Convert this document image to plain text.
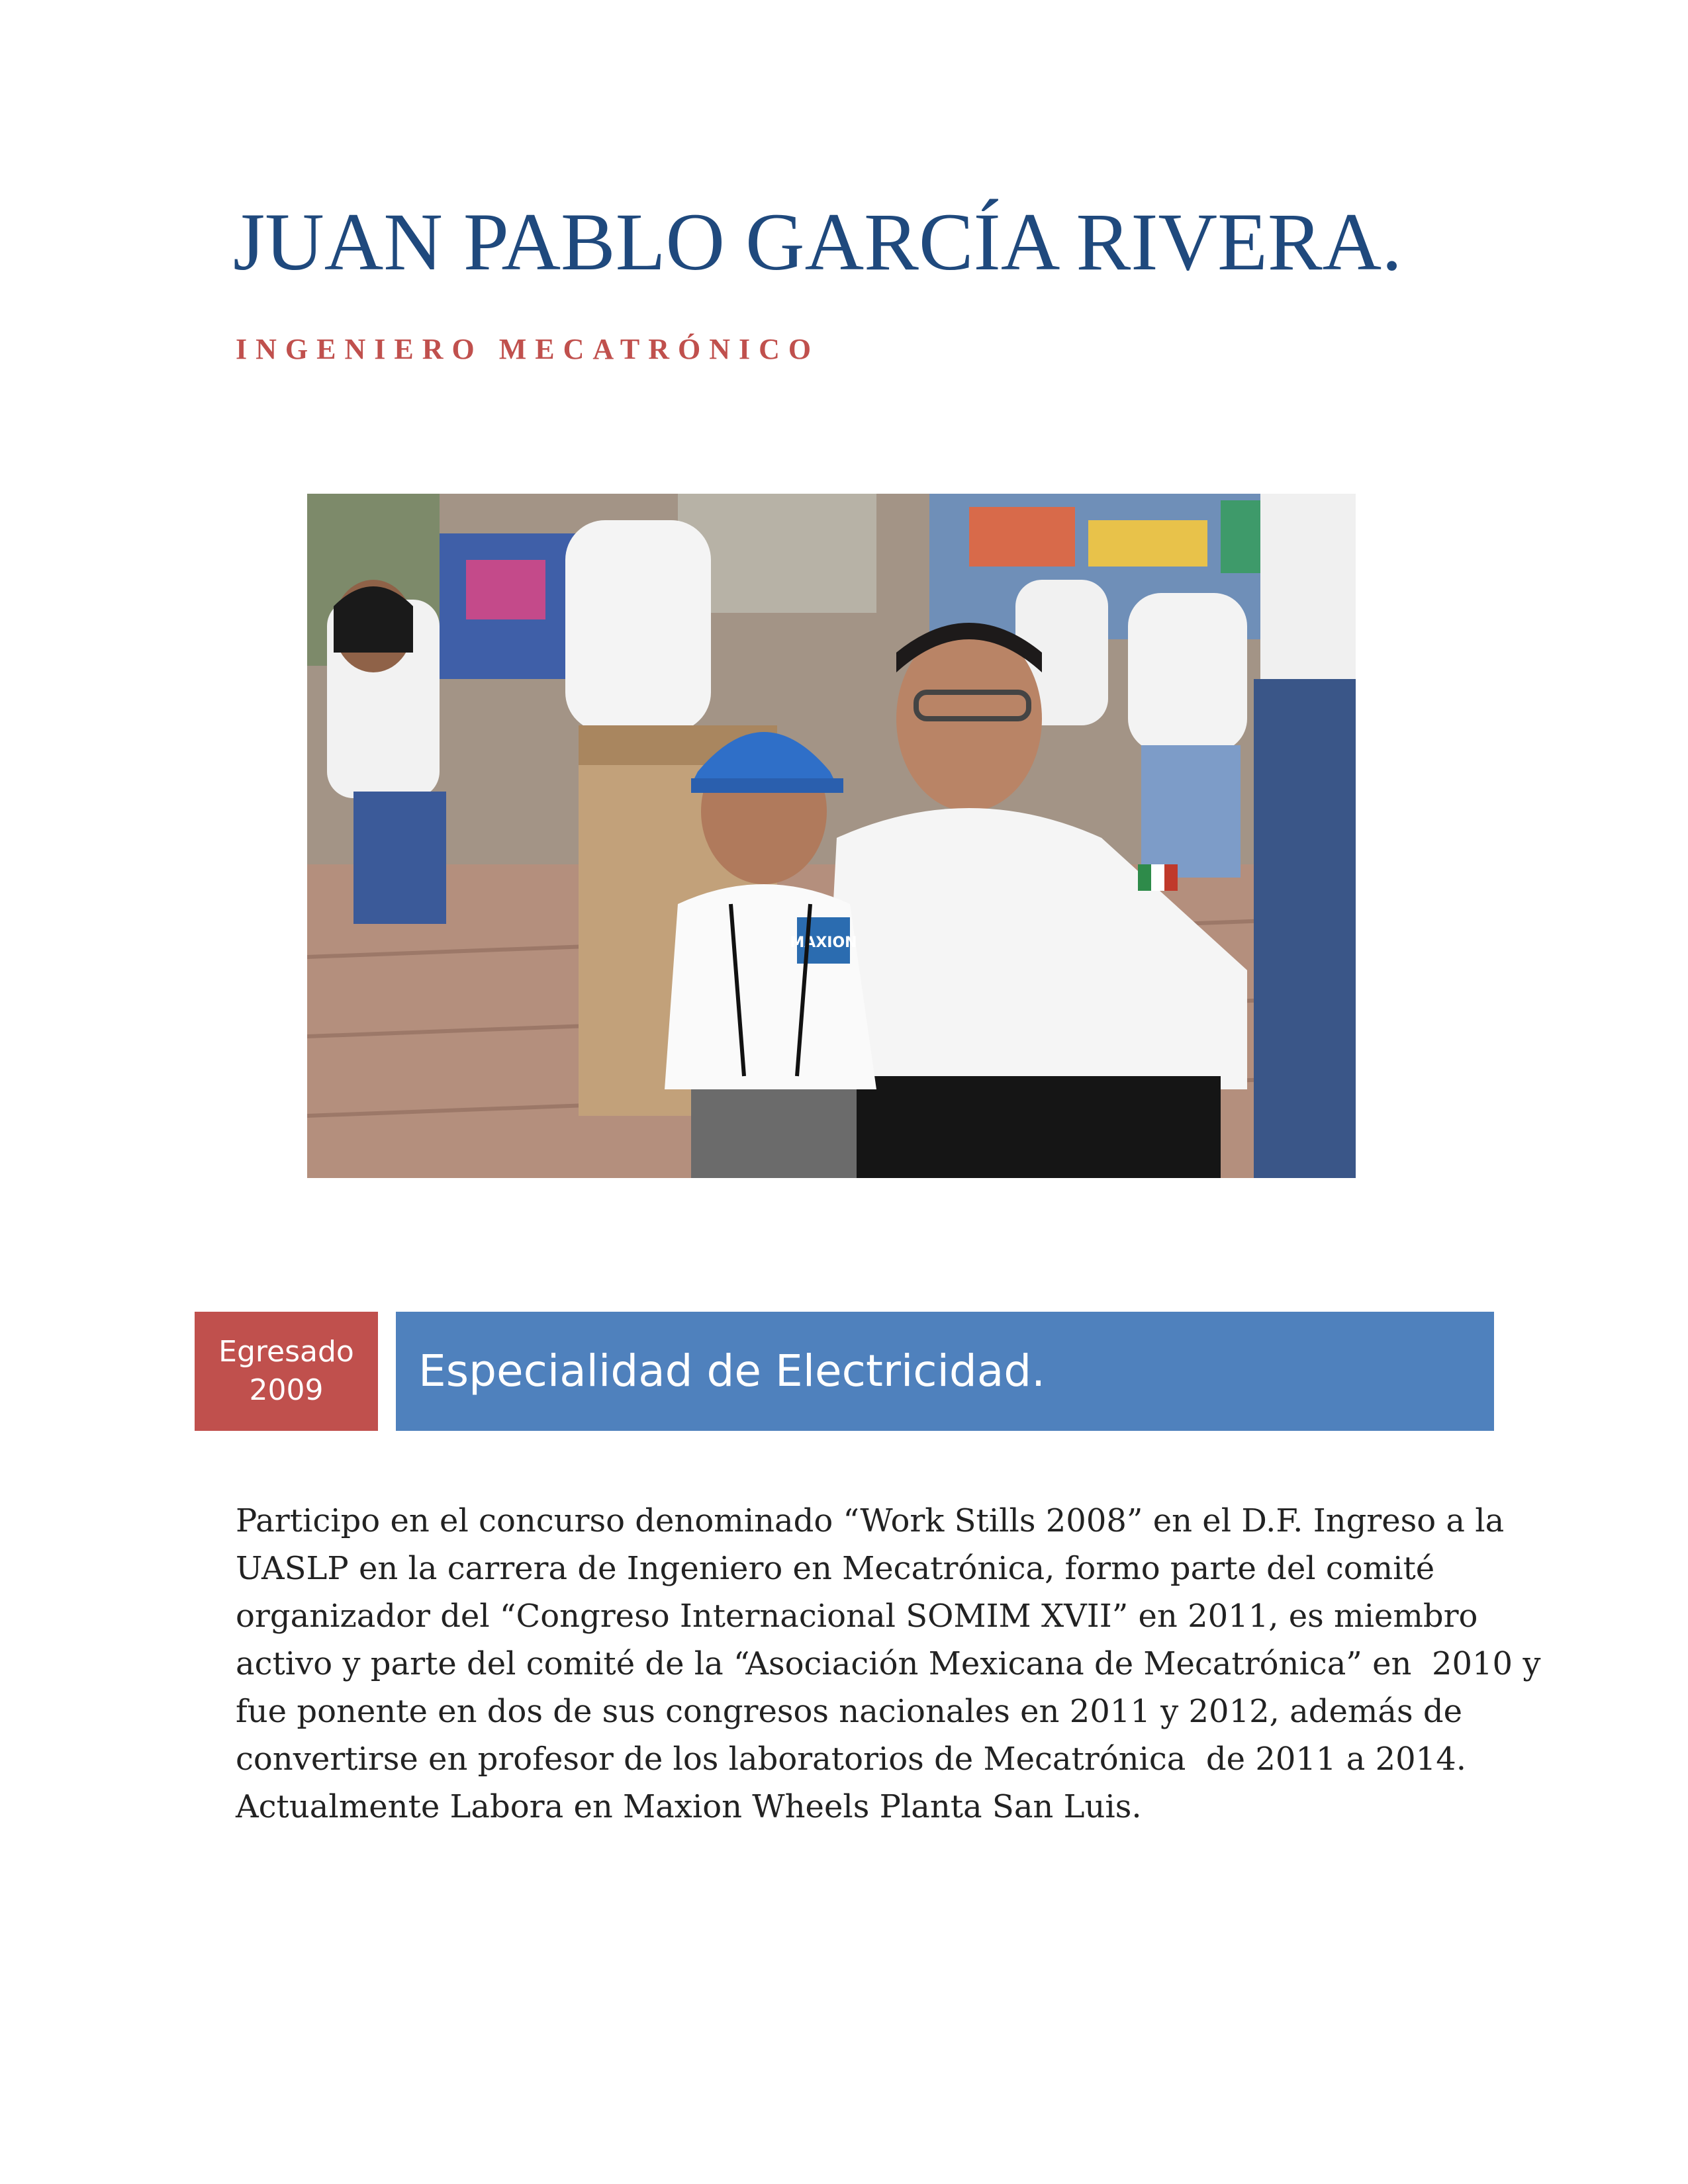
JUAN PABLO GARCÍA RIVERA.
INGENIERO MECATRÓNICO
MAXION
Egresado
2009	Especialidad de Electricidad.
Participo en el concurso denominado “Work Stills 2008” en el D.F. Ingreso a la
UASLP en la carrera de Ingeniero en Mecatrónica, formo parte del comité
organizador del “Congreso Internacional SOMIM XVII” en 2011, es miembro
activo y parte del comité de la “Asociación Mexicana de Mecatrónica” en  2010 y
fue ponente en dos de sus congresos nacionales en 2011 y 2012, además de
convertirse en profesor de los laboratorios de Mecatrónica  de 2011 a 2014.
Actualmente Labora en Maxion Wheels Planta San Luis.
